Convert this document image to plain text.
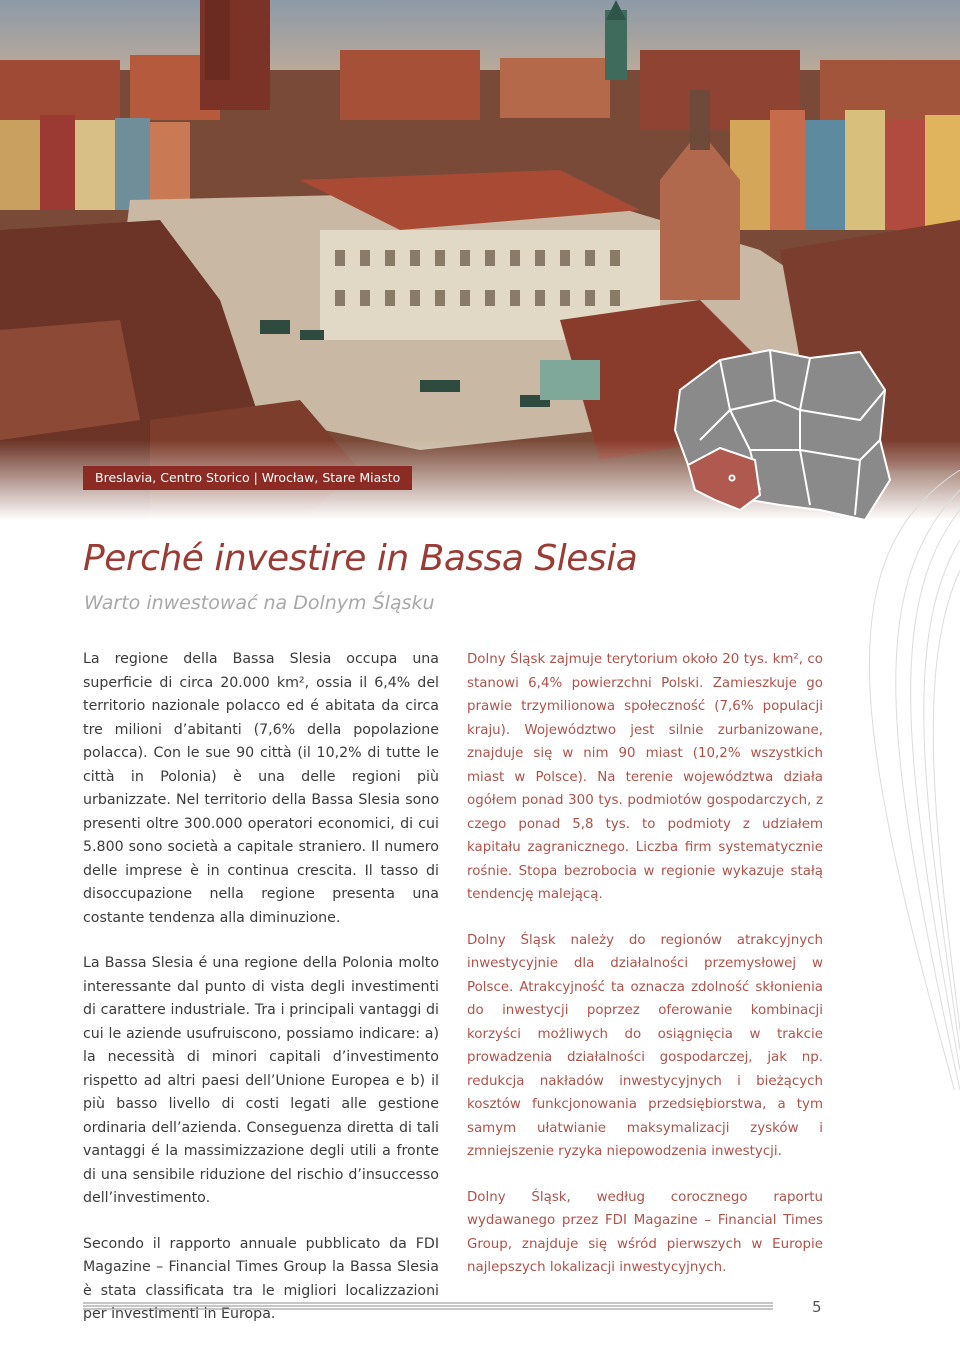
Breslavia, Centro Storico | Wrocław, Stare Miasto
Perché investire in Bassa Slesia
Warto inwestować na Dolnym Śląsku

La regione della Bassa Slesia occupa una superficie di circa 20.000 km², ossia il 6,4% del territorio nazionale polacco ed é abitata da circa tre milioni d’abitanti (7,6% della popolazione polacca). Con le sue 90 città (il 10,2% di tutte le città in Polonia) è una delle regioni più urbanizzate. Nel territorio della Bassa Slesia sono presenti oltre 300.000 operatori economici, di cui 5.800 sono società a capitale straniero. Il numero delle imprese è in continua crescita. Il tasso di disoccupazione nella regione presenta una costante tendenza alla diminuzione.

La Bassa Slesia é una regione della Polonia molto interessante dal punto di vista degli investimenti di carattere industriale. Tra i principali vantaggi di cui le aziende usufruiscono, possiamo indicare: a) la necessità di minori capitali d’investimento rispetto ad altri paesi dell’Unione Europea e b) il più basso livello di costi legati alle gestione ordinaria dell’azienda. Conseguenza diretta di tali vantaggi é la massimizzazione degli utili a fronte di una sensibile riduzione del rischio d’insuccesso dell’investimento.

Secondo il rapporto annuale pubblicato da FDI Magazine – Financial Times Group la Bassa Slesia è stata classificata tra le migliori localizzazioni per investimenti in Europa.

Dolny Śląsk zajmuje terytorium około 20 tys. km², co stanowi 6,4% powierzchni Polski. Zamieszkuje go prawie trzymilionowa społeczność (7,6% populacji kraju). Województwo jest silnie zurbanizowane, znajduje się w nim 90 miast (10,2% wszystkich miast w Polsce). Na terenie województwa działa ogółem ponad 300 tys. podmiotów gospodarczych, z czego ponad 5,8 tys. to podmioty z udziałem kapitału zagranicznego. Liczba firm systematycznie rośnie. Stopa bezrobocia w regionie wykazuje stałą tendencję malejącą.

Dolny Śląsk należy do regionów atrakcyjnych inwestycyjnie dla działalności przemysłowej w Polsce. Atrakcyjność ta oznacza zdolność skłonienia do inwestycji poprzez oferowanie kombinacji korzyści możliwych do osiągnięcia w trakcie prowadzenia działalności gospodarczej, jak np. redukcja nakładów inwestycyjnych i bieżących kosztów funkcjonowania przedsiębiorstwa, a tym samym ułatwianie maksymalizacji zysków i zmniejszenie ryzyka niepowodzenia inwestycji.

Dolny Śląsk, według corocznego raportu wydawanego przez FDI Magazine – Financial Times Group, znajduje się wśród pierwszych w Europie najlepszych lokalizacji inwestycyjnych.

5
